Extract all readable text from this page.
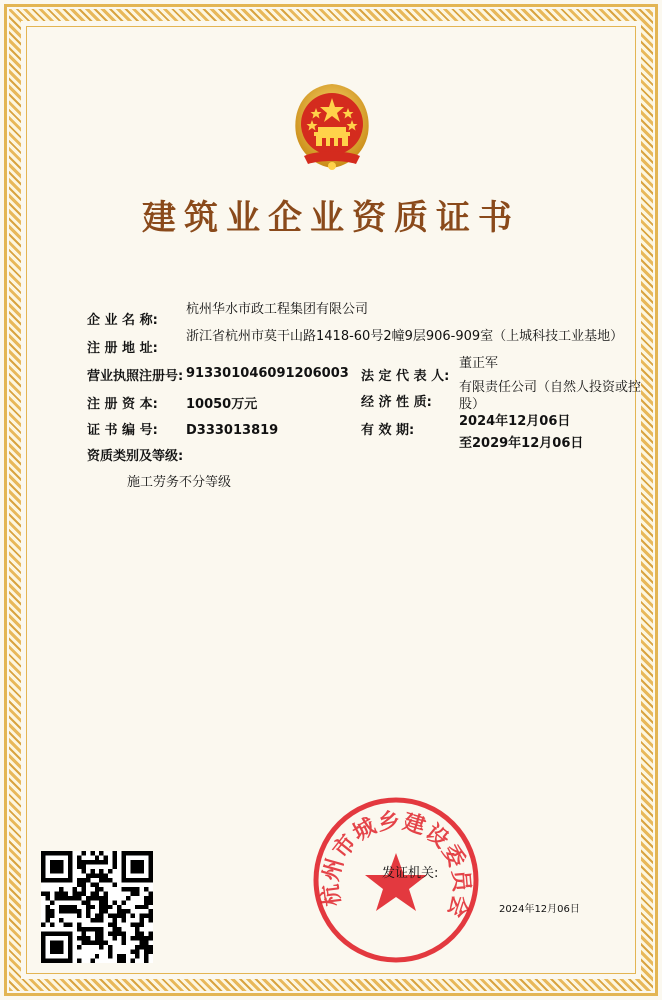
建筑业企业资质证书
企 业 名 称:
杭州华水市政工程集团有限公司
注 册 地 址:
浙江省杭州市莫干山路1418-60号2幢9层906-909室（上城科技工业基地）
营业执照注册号: 913301046091206003
注 册 资 本: 10050万元
证 书 编 号: D333013819
资质类别及等级:
施工劳务不分等级
法 定 代 表 人:
董正军
经 济 性 质:
有限责任公司（自然人投资或控
股）
有 效 期:
2024年12月06日
至2029年12月06日
杭州市城乡建设委员会
发证机关:
2024年12月06日
